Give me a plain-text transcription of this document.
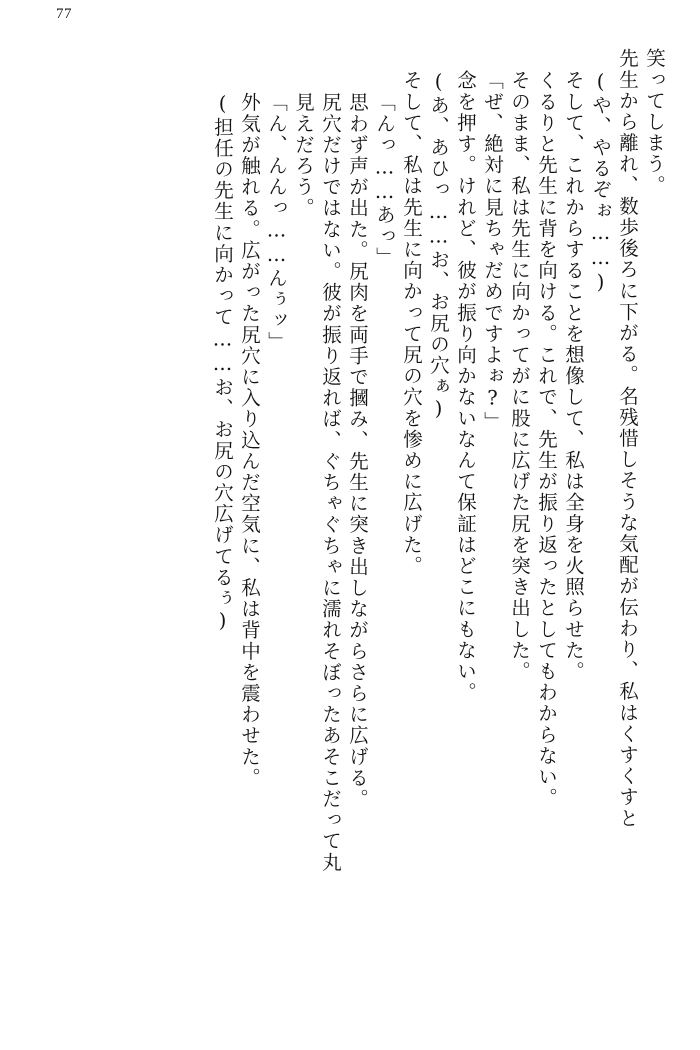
77
笑ってしまう。
先生から離れ、数歩後ろに下がる。名残惜しそうな気配が伝わり、私はくすくすと
(や、やるぞぉ……)
そして、これからすることを想像して、私は全身を火照らせた。
くるりと先生に背を向ける。これで、先生が振り返ったとしてもわからない。
そのまま、私は先生に向かってがに股に広げた尻を突き出した。
「ぜ、絶対に見ちゃだめですよぉ?」
念を押す。けれど、彼が振り向かないなんて保証はどこにもない。
(あ、あひっ……お、お尻の穴ぁ)
そして、私は先生に向かって尻の穴を惨めに広げた。
「んっ……あっ」
思わず声が出た。尻肉を両手で摑み、先生に突き出しながらさらに広げる。
尻穴だけではない。彼が振り返れば、ぐちゃぐちゃに濡れそぼったあそこだって丸
見えだろう。
「ん、んんっ……んぅッ」
外気が触れる。広がった尻穴に入り込んだ空気に、私は背中を震わせた。
(担任の先生に向かって……お、お尻の穴広げてるぅ)
